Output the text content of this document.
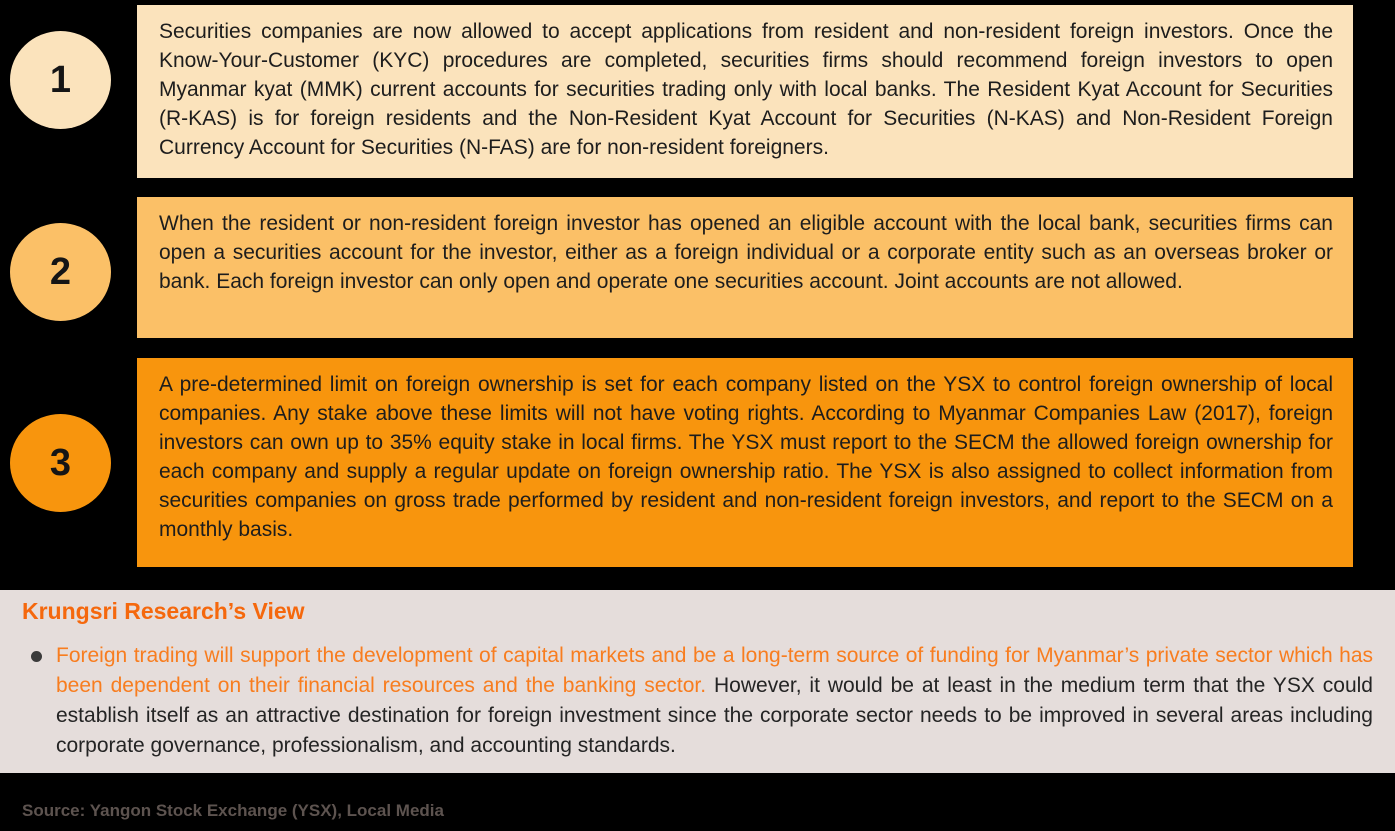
1

Securities companies are now allowed to accept applications from resident and non-resident foreign investors. Once the Know-Your-Customer (KYC) procedures are completed, securities firms should recommend foreign investors to open Myanmar kyat (MMK) current accounts for securities trading only with local banks. The Resident Kyat Account for Securities (R-KAS) is for foreign residents and the Non-Resident Kyat Account for Securities (N-KAS) and Non-Resident Foreign Currency Account for Securities (N-FAS) are for non-resident foreigners.

2

When the resident or non-resident foreign investor has opened an eligible account with the local bank, securities firms can open a securities account for the investor, either as a foreign individual or a corporate entity such as an overseas broker or bank. Each foreign investor can only open and operate one securities account. Joint accounts are not allowed.

3

A pre-determined limit on foreign ownership is set for each company listed on the YSX to control foreign ownership of local companies. Any stake above these limits will not have voting rights. According to Myanmar Companies Law (2017), foreign investors can own up to 35% equity stake in local firms. The YSX must report to the SECM the allowed foreign ownership for each company and supply a regular update on foreign ownership ratio. The YSX is also assigned to collect information from securities companies on gross trade performed by resident and non-resident foreign investors, and report to the SECM on a monthly basis.

Krungsri Research’s View

Foreign trading will support the development of capital markets and be a long-term source of funding for Myanmar’s private sector which has been dependent on their financial resources and the banking sector. However, it would be at least in the medium term that the YSX could establish itself as an attractive destination for foreign investment since the corporate sector needs to be improved in several areas including corporate governance, professionalism, and accounting standards.

Source: Yangon Stock Exchange (YSX), Local Media
